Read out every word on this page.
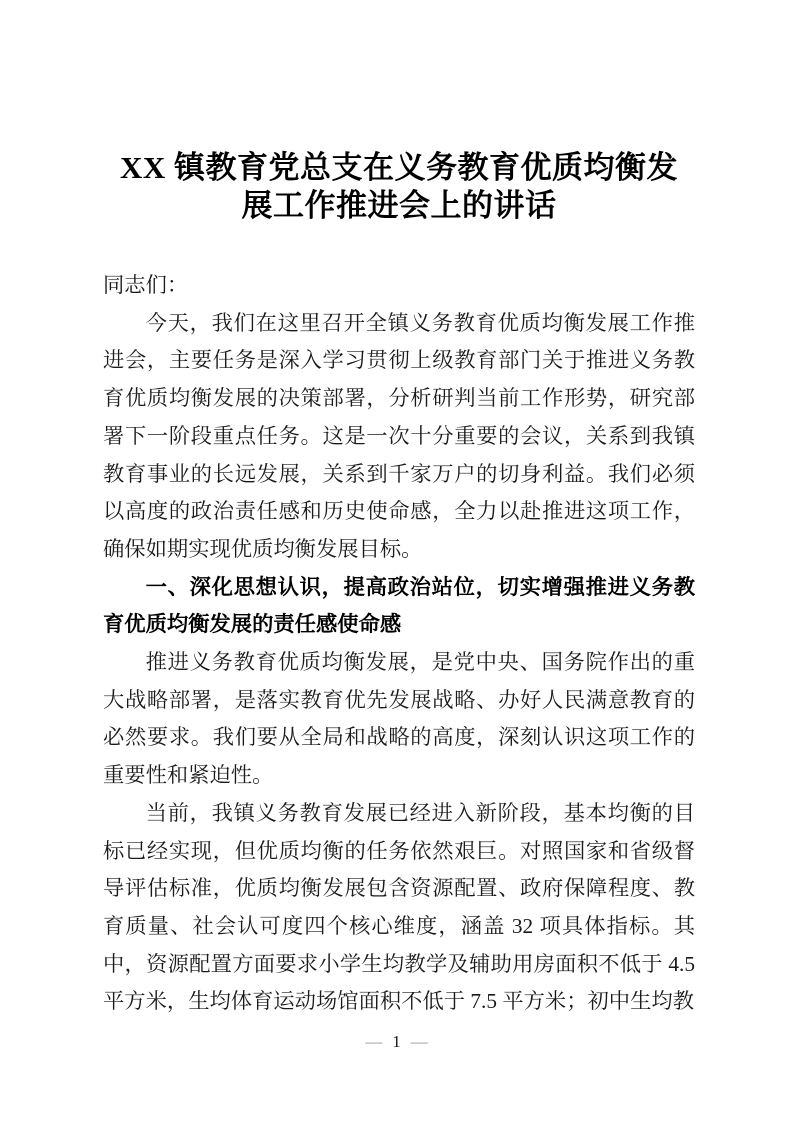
XX 镇教育党总支在义务教育优质均衡发
展工作推进会上的讲话

同志们：

今天，我们在这里召开全镇义务教育优质均衡发展工作推进会，主要任务是深入学习贯彻上级教育部门关于推进义务教育优质均衡发展的决策部署，分析研判当前工作形势，研究部署下一阶段重点任务。这是一次十分重要的会议，关系到我镇教育事业的长远发展，关系到千家万户的切身利益。我们必须以高度的政治责任感和历史使命感，全力以赴推进这项工作，确保如期实现优质均衡发展目标。

一、深化思想认识，提高政治站位，切实增强推进义务教育优质均衡发展的责任感使命感

推进义务教育优质均衡发展，是党中央、国务院作出的重大战略部署，是落实教育优先发展战略、办好人民满意教育的必然要求。我们要从全局和战略的高度，深刻认识这项工作的重要性和紧迫性。

当前，我镇义务教育发展已经进入新阶段，基本均衡的目标已经实现，但优质均衡的任务依然艰巨。对照国家和省级督导评估标准，优质均衡发展包含资源配置、政府保障程度、教育质量、社会认可度四个核心维度，涵盖 32 项具体指标。其中，资源配置方面要求小学生均教学及辅助用房面积不低于 4.5 平方米，生均体育运动场馆面积不低于 7.5 平方米；初中生均教

— 1 —
